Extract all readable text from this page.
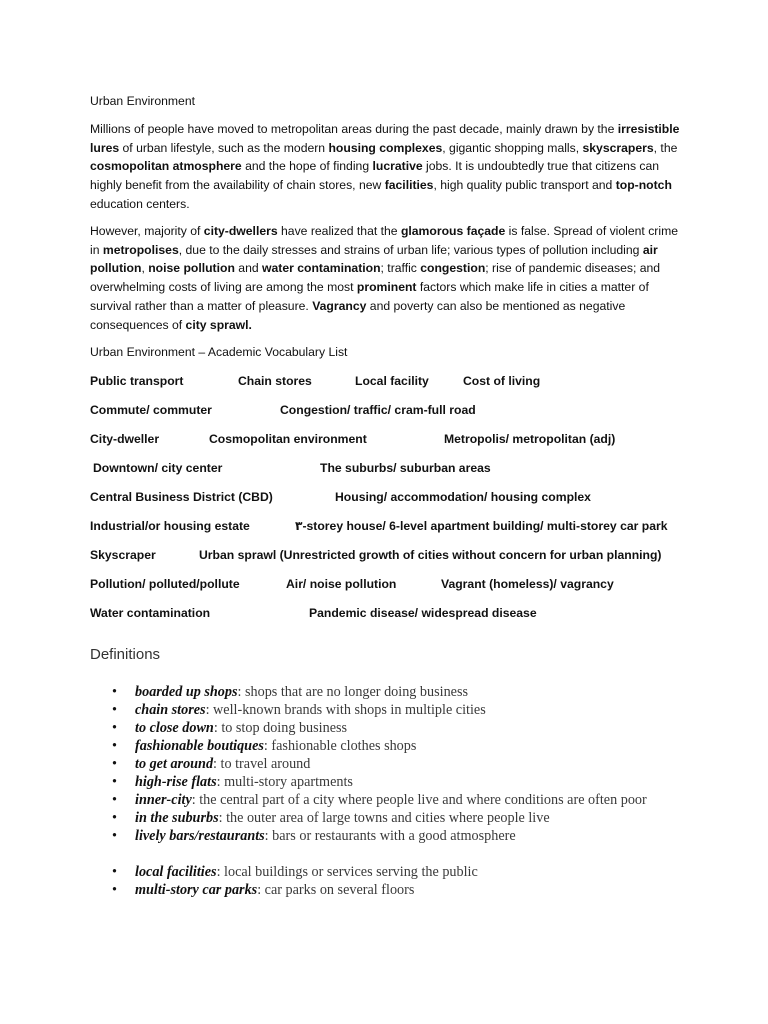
Urban Environment

Millions of people have moved to metropolitan areas during the past decade, mainly drawn by the irresistible lures of urban lifestyle, such as the modern housing complexes, gigantic shopping malls, skyscrapers, the cosmopolitan atmosphere and the hope of finding lucrative jobs. It is undoubtedly true that citizens can highly benefit from the availability of chain stores, new facilities, high quality public transport and top-notch education centers.

However, majority of city-dwellers have realized that the glamorous façade is false. Spread of violent crime in metropolises, due to the daily stresses and strains of urban life; various types of pollution including air pollution, noise pollution and water contamination; traffic congestion; rise of pandemic diseases; and overwhelming costs of living are among the most prominent factors which make life in cities a matter of survival rather than a matter of pleasure. Vagrancy and poverty can also be mentioned as negative consequences of city sprawl.

Urban Environment – Academic Vocabulary List

Public transport	Chain stores	Local facility	Cost of living
Commute/ commuter	Congestion/ traffic/ cram-full road
City-dweller	Cosmopolitan environment	Metropolis/ metropolitan (adj)
Downtown/ city center	The suburbs/ suburban areas
Central Business District (CBD)	Housing/ accommodation/ housing complex
Industrial/or housing estate	٣-storey house/ 6-level apartment building/ multi-storey car park
Skyscraper	Urban sprawl (Unrestricted growth of cities without concern for urban planning)
Pollution/ polluted/pollute	Air/ noise pollution	Vagrant (homeless)/ vagrancy
Water contamination	Pandemic disease/ widespread disease
Definitions
• boarded up shops: shops that are no longer doing business
• chain stores: well-known brands with shops in multiple cities
• to close down: to stop doing business
• fashionable boutiques: fashionable clothes shops
• to get around: to travel around
• high-rise flats: multi-story apartments
• inner-city: the central part of a city where people live and where conditions are often poor
• in the suburbs: the outer area of large towns and cities where people live
• lively bars/restaurants: bars or restaurants with a good atmosphere
• local facilities: local buildings or services serving the public
• multi-story car parks: car parks on several floors
